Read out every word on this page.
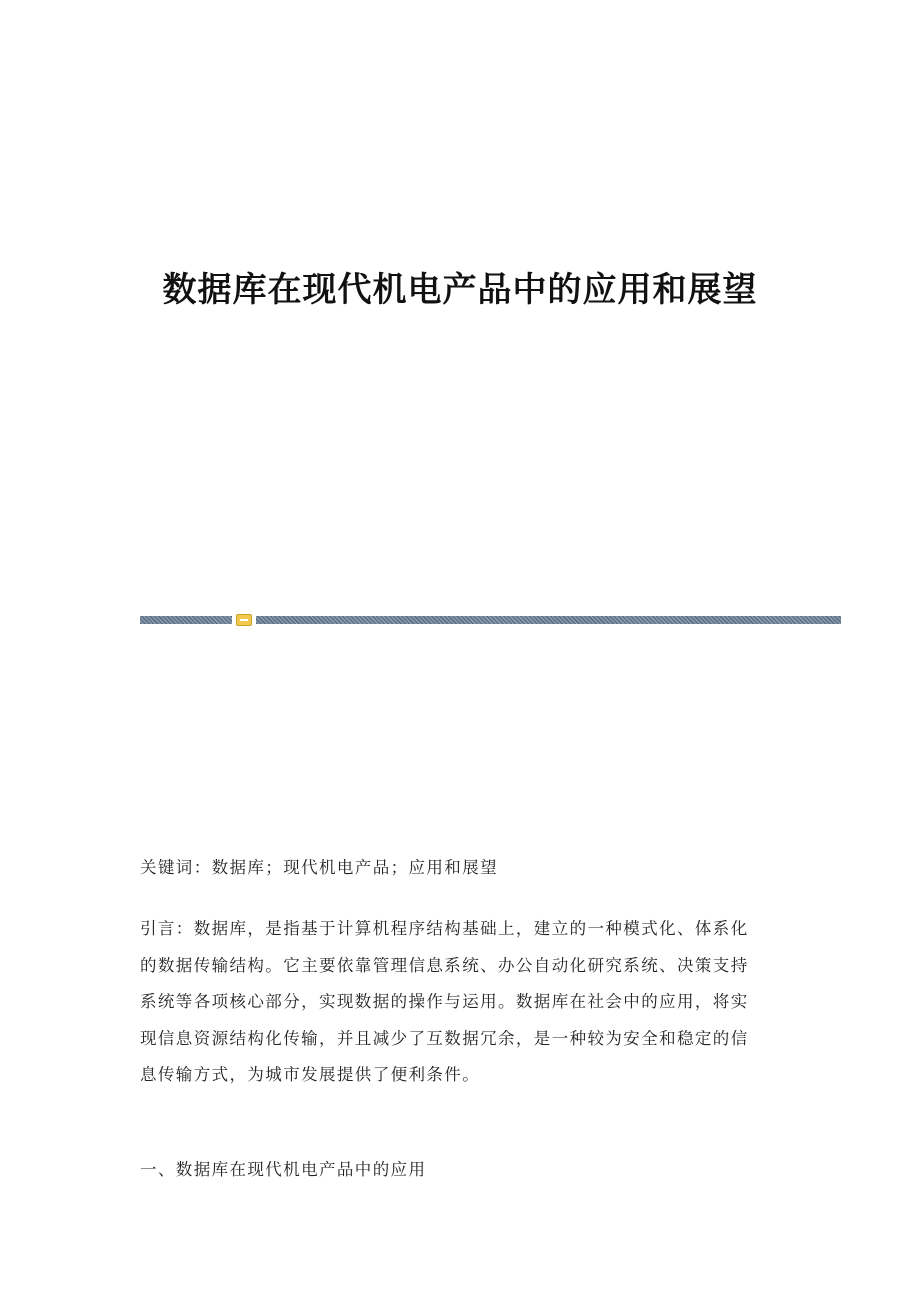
数据库在现代机电产品中的应用和展望
关键词：数据库；现代机电产品；应用和展望
引言：数据库，是指基于计算机程序结构基础上，建立的一种模式化、体系化
的数据传输结构。它主要依靠管理信息系统、办公自动化研究系统、决策支持
系统等各项核心部分，实现数据的操作与运用。数据库在社会中的应用，将实
现信息资源结构化传输，并且减少了互数据冗余，是一种较为安全和稳定的信
息传输方式，为城市发展提供了便利条件。
一、数据库在现代机电产品中的应用
